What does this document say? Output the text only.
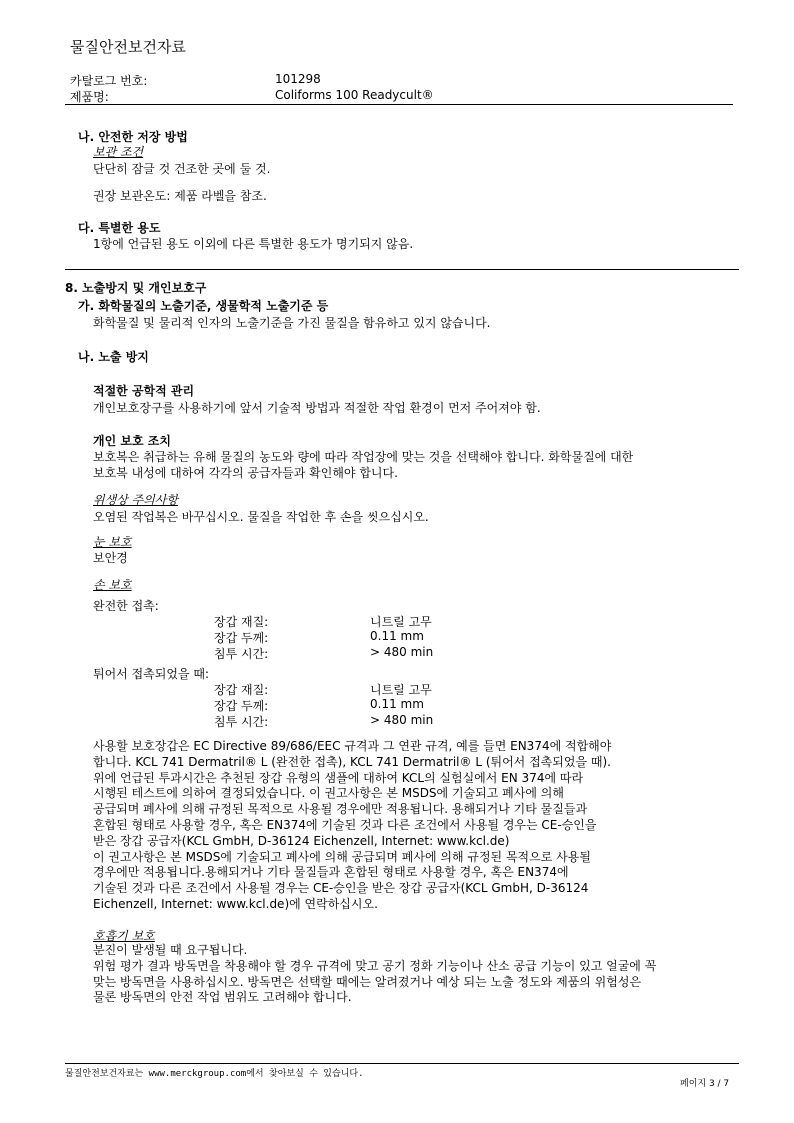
물질안전보건자료
카탈로그 번호:	101298
제품명:	Coliforms 100 Readycult®
나. 안전한 저장 방법
보관 조건
단단히 잠글 것 건조한 곳에 둘 것.
권장 보관온도: 제품 라벨을 참조.
다. 특별한 용도
1항에 언급된 용도 이외에 다른 특별한 용도가 명기되지 않음.
8. 노출방지 및 개인보호구
가. 화학물질의 노출기준, 생물학적 노출기준 등
화학물질 및 물리적 인자의 노출기준을 가진 물질을 함유하고 있지 않습니다.
나. 노출 방지
적절한 공학적 관리
개인보호장구를 사용하기에 앞서 기술적 방법과 적절한 작업 환경이 먼저 주어져야 함.
개인 보호 조치
보호복은 취급하는 유해 물질의 농도와 량에 따라 작업장에 맞는 것을 선택해야 합니다. 화학물질에 대한
보호복 내성에 대하여 각각의 공급자들과 확인해야 합니다.
위생상 주의사항
오염된 작업복은 바꾸십시오. 물질을 작업한 후 손을 씻으십시오.
눈 보호
보안경
손 보호
완전한 접촉:
장갑 재질:	니트릴 고무
장갑 두께:	0.11 mm
침투 시간:	> 480 min
튀어서 접촉되었을 때:
장갑 재질:	니트릴 고무
장갑 두께:	0.11 mm
침투 시간:	> 480 min
사용할 보호장갑은 EC Directive 89/686/EEC 규격과 그 연관 규격, 예를 들면 EN374에 적합해야
합니다. KCL 741 Dermatril® L (완전한 접촉), KCL 741 Dermatril® L (튀어서 접촉되었을 때).
위에 언급된 투과시간은 추천된 장갑 유형의 샘플에 대하여 KCL의 실험실에서 EN 374에 따라
시행된 테스트에 의하여 결정되었습니다. 이 권고사항은 본 MSDS에 기술되고 폐사에 의해
공급되며 폐사에 의해 규정된 목적으로 사용될 경우에만 적용됩니다. 용해되거나 기타 물질들과
혼합된 형태로 사용할 경우, 혹은 EN374에 기술된 것과 다른 조건에서 사용될 경우는 CE-승인을
받은 장갑 공급자(KCL GmbH, D-36124 Eichenzell, Internet: www.kcl.de)
이 권고사항은 본 MSDS에 기술되고 폐사에 의해 공급되며 폐사에 의해 규정된 목적으로 사용될
경우에만 적용됩니다.용해되거나 기타 물질들과 혼합된 형태로 사용할 경우, 혹은 EN374에
기술된 것과 다른 조건에서 사용될 경우는 CE-승인을 받은 장갑 공급자(KCL GmbH, D-36124
Eichenzell, Internet: www.kcl.de)에 연락하십시오.
호흡기 보호
분진이 발생될 때 요구됩니다.
위험 평가 결과 방독면을 착용해야 할 경우 규격에 맞고 공기 정화 기능이나 산소 공급 기능이 있고 얼굴에 꼭
맞는 방독면을 사용하십시오. 방독면은 선택할 때에는 알려졌거나 예상 되는 노출 정도와 제품의 위험성은
물론 방독면의 안전 작업 범위도 고려해야 합니다.
물질안전보건자료는 www.merckgroup.com에서 찾아보실 수 있습니다.
페이지 3 / 7
